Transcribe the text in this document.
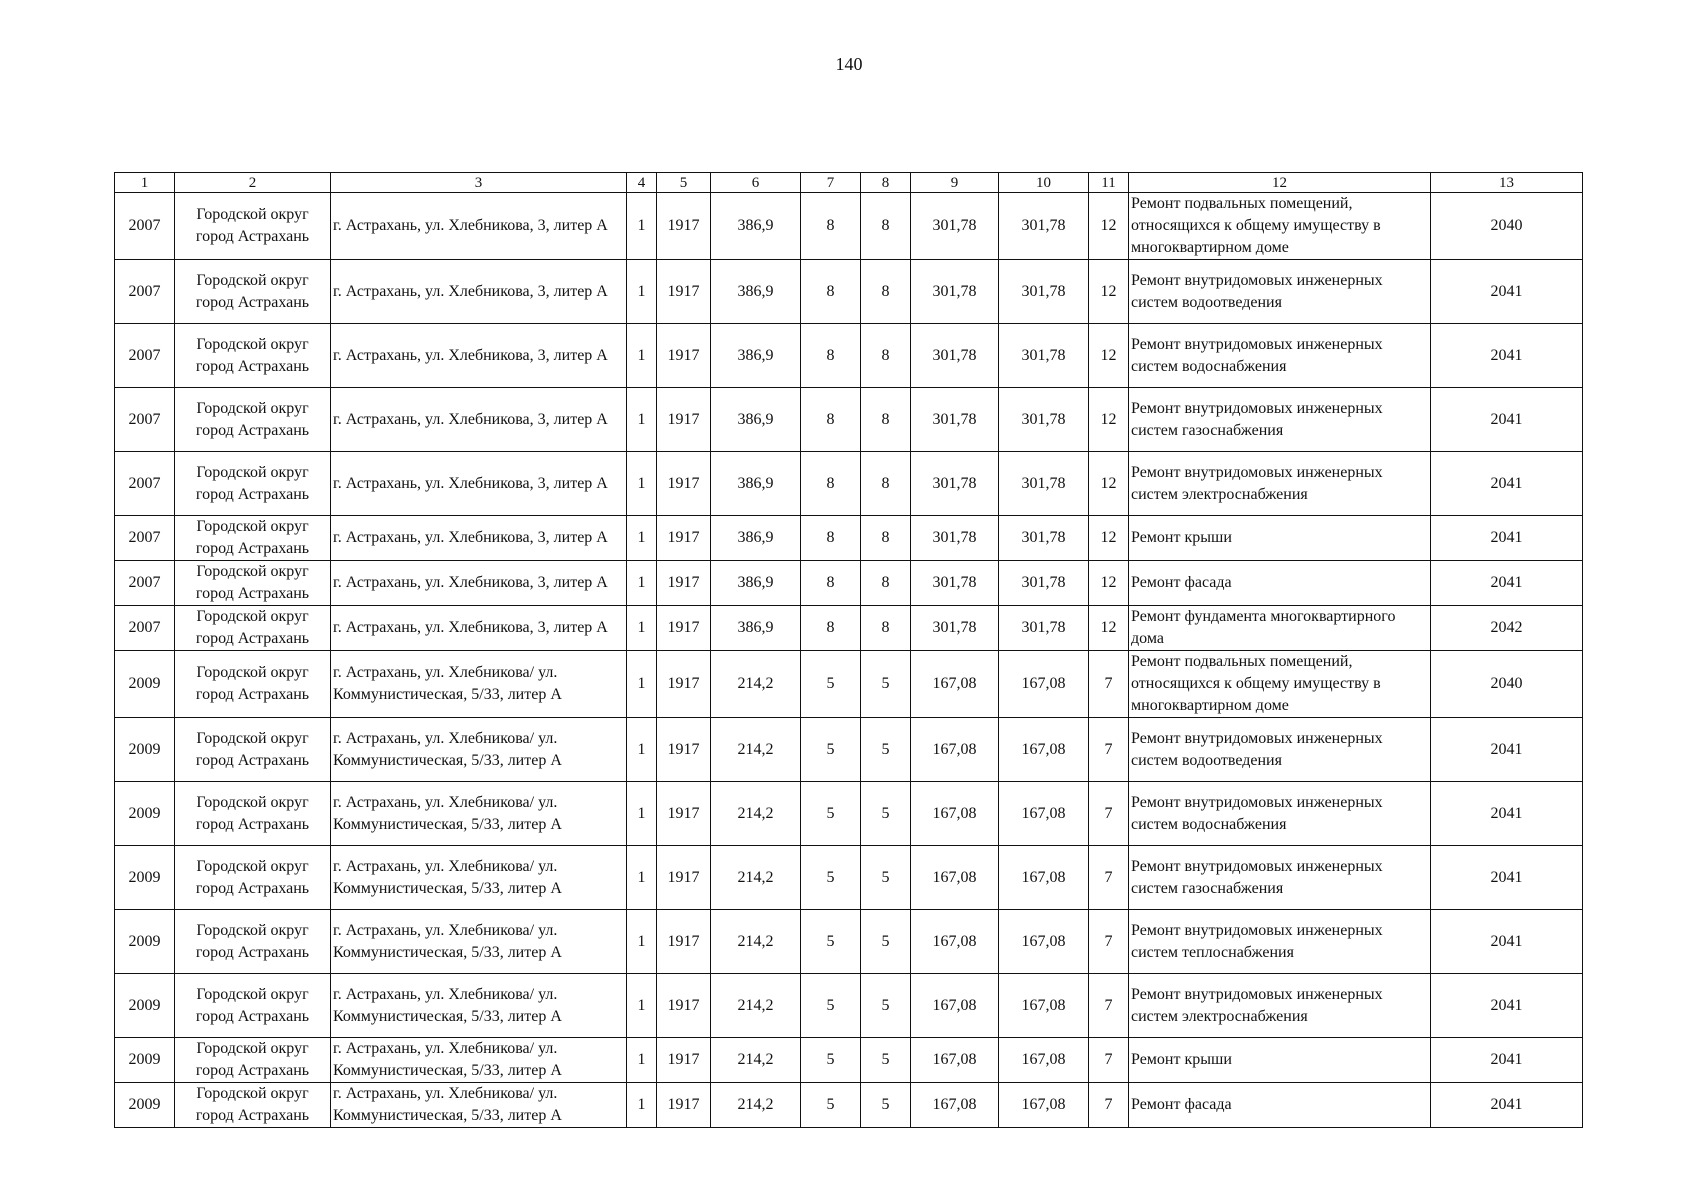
140
1	2	3	4	5	6	7	8	9	10	11	12	13
2007	Городской округ город Астрахань	г. Астрахань, ул. Хлебникова, 3, литер А	1	1917	386,9	8	8	301,78	301,78	12	Ремонт подвальных помещений, относящихся к общему имуществу в многоквартирном доме	2040
2007	Городской округ город Астрахань	г. Астрахань, ул. Хлебникова, 3, литер А	1	1917	386,9	8	8	301,78	301,78	12	Ремонт внутридомовых инженерных систем водоотведения	2041
2007	Городской округ город Астрахань	г. Астрахань, ул. Хлебникова, 3, литер А	1	1917	386,9	8	8	301,78	301,78	12	Ремонт внутридомовых инженерных систем водоснабжения	2041
2007	Городской округ город Астрахань	г. Астрахань, ул. Хлебникова, 3, литер А	1	1917	386,9	8	8	301,78	301,78	12	Ремонт внутридомовых инженерных систем газоснабжения	2041
2007	Городской округ город Астрахань	г. Астрахань, ул. Хлебникова, 3, литер А	1	1917	386,9	8	8	301,78	301,78	12	Ремонт внутридомовых инженерных систем электроснабжения	2041
2007	Городской округ город Астрахань	г. Астрахань, ул. Хлебникова, 3, литер А	1	1917	386,9	8	8	301,78	301,78	12	Ремонт крыши	2041
2007	Городской округ город Астрахань	г. Астрахань, ул. Хлебникова, 3, литер А	1	1917	386,9	8	8	301,78	301,78	12	Ремонт фасада	2041
2007	Городской округ город Астрахань	г. Астрахань, ул. Хлебникова, 3, литер А	1	1917	386,9	8	8	301,78	301,78	12	Ремонт фундамента многоквартирного дома	2042
2009	Городской округ город Астрахань	г. Астрахань, ул. Хлебникова/ ул. Коммунистическая, 5/33, литер А	1	1917	214,2	5	5	167,08	167,08	7	Ремонт подвальных помещений, относящихся к общему имуществу в многоквартирном доме	2040
2009	Городской округ город Астрахань	г. Астрахань, ул. Хлебникова/ ул. Коммунистическая, 5/33, литер А	1	1917	214,2	5	5	167,08	167,08	7	Ремонт внутридомовых инженерных систем водоотведения	2041
2009	Городской округ город Астрахань	г. Астрахань, ул. Хлебникова/ ул. Коммунистическая, 5/33, литер А	1	1917	214,2	5	5	167,08	167,08	7	Ремонт внутридомовых инженерных систем водоснабжения	2041
2009	Городской округ город Астрахань	г. Астрахань, ул. Хлебникова/ ул. Коммунистическая, 5/33, литер А	1	1917	214,2	5	5	167,08	167,08	7	Ремонт внутридомовых инженерных систем газоснабжения	2041
2009	Городской округ город Астрахань	г. Астрахань, ул. Хлебникова/ ул. Коммунистическая, 5/33, литер А	1	1917	214,2	5	5	167,08	167,08	7	Ремонт внутридомовых инженерных систем теплоснабжения	2041
2009	Городской округ город Астрахань	г. Астрахань, ул. Хлебникова/ ул. Коммунистическая, 5/33, литер А	1	1917	214,2	5	5	167,08	167,08	7	Ремонт внутридомовых инженерных систем электроснабжения	2041
2009	Городской округ город Астрахань	г. Астрахань, ул. Хлебникова/ ул. Коммунистическая, 5/33, литер А	1	1917	214,2	5	5	167,08	167,08	7	Ремонт крыши	2041
2009	Городской округ город Астрахань	г. Астрахань, ул. Хлебникова/ ул. Коммунистическая, 5/33, литер А	1	1917	214,2	5	5	167,08	167,08	7	Ремонт фасада	2041
